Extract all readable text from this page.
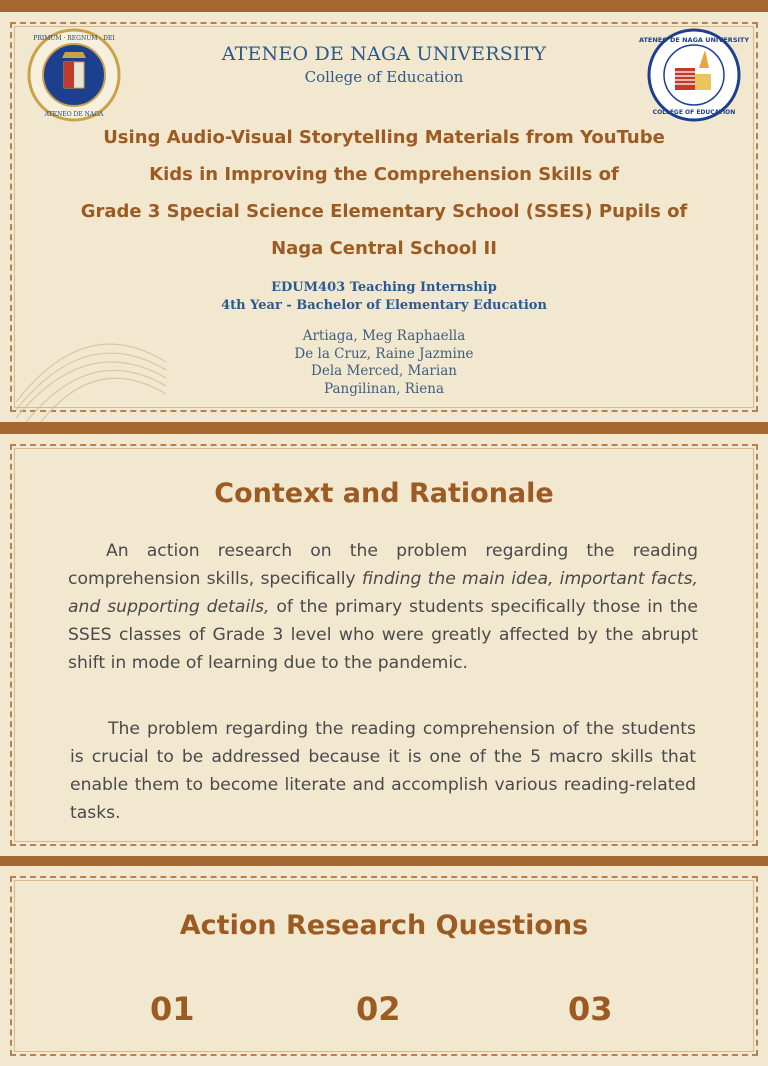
PRIMUM · REGNUM · DEI
ATENEO DE NAGA
ATENEO DE NAGA UNIVERSITY
COLLEGE OF EDUCATION
ATENEO DE NAGA UNIVERSITY
College of Education
Using Audio-Visual Storytelling Materials from YouTube
Kids in Improving the Comprehension Skills of
Grade 3 Special Science Elementary School (SSES) Pupils of
Naga Central School II
EDUM403 Teaching Internship
4th Year - Bachelor of Elementary Education
Artiaga, Meg Raphaella
De la Cruz, Raine Jazmine
Dela Merced, Marian
Pangilinan, Riena
Context and Rationale
An action research on the problem regarding the reading comprehension skills, specifically finding the main idea, important facts, and supporting details, of the primary students specifically those in the SSES classes of Grade 3 level who were greatly affected by the abrupt shift in mode of learning due to the pandemic.
The problem regarding the reading comprehension of the students is crucial to be addressed because it is one of the 5 macro skills that enable them to become literate and accomplish various reading-related tasks.
Action Research Questions
01	02	03
